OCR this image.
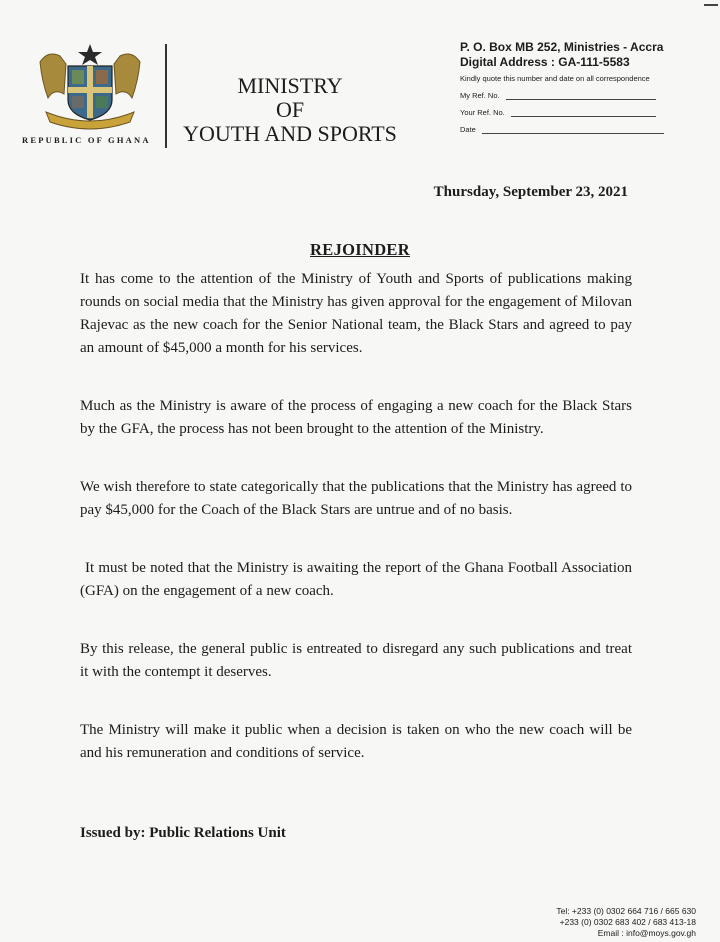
REPUBLIC OF GHANA
MINISTRY
OF
YOUTH AND SPORTS
P. O. Box MB 252, Ministries - Accra
Digital Address : GA-111-5583
Kindly quote this number and date on all correspondence
My Ref. No.
Your Ref. No.
Date
Thursday, September 23, 2021
REJOINDER

It has come to the attention of the Ministry of Youth and Sports of publications making rounds on social media that the Ministry has given approval for the engagement of Milovan Rajevac as the new coach for the Senior National team, the Black Stars and agreed to pay an amount of $45,000 a month for his services.

Much as the Ministry is aware of the process of engaging a new coach for the Black Stars by the GFA, the process has not been brought to the attention of the Ministry.

We wish therefore to state categorically that the publications that the Ministry has agreed to pay $45,000 for the Coach of the Black Stars are untrue and of no basis.

It must be noted that the Ministry is awaiting the report of the Ghana Football Association (GFA) on the engagement of a new coach.

By this release, the general public is entreated to disregard any such publications and treat it with the contempt it deserves.

The Ministry will make it public when a decision is taken on who the new coach will be and his remuneration and conditions of service.

Issued by: Public Relations Unit
Tel: +233 (0) 0302 664 716 / 665 630
+233 (0) 0302 683 402 / 683 413-18
Email : info@moys.gov.gh
